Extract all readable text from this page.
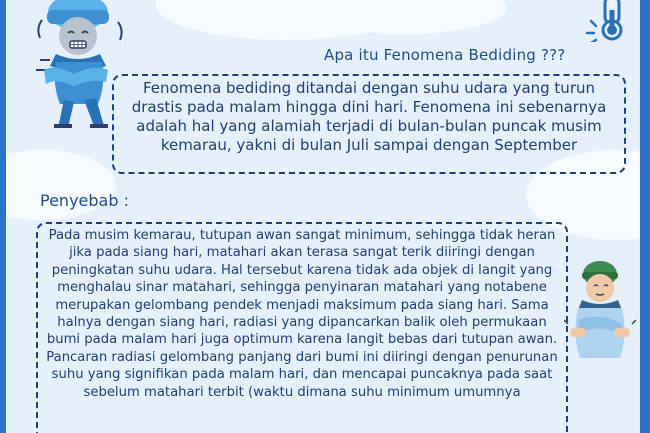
Apa itu Fenomena Bediding ???
Fenomena bediding ditandai dengan suhu udara yang turun drastis pada malam hingga dini hari. Fenomena ini sebenarnya adalah hal yang alamiah terjadi di bulan-bulan puncak musim kemarau, yakni di bulan Juli sampai dengan September
Penyebab :
Pada musim kemarau, tutupan awan sangat minimum, sehingga tidak heran jika pada siang hari, matahari akan terasa sangat terik diiringi dengan peningkatan suhu udara. Hal tersebut karena tidak ada objek di langit yang menghalau sinar matahari, sehingga penyinaran matahari yang notabene merupakan gelombang pendek menjadi maksimum pada siang hari. Sama halnya dengan siang hari, radiasi yang dipancarkan balik oleh permukaan bumi pada malam hari juga optimum karena langit bebas dari tutupan awan. Pancaran radiasi gelombang panjang dari bumi ini diiringi dengan penurunan suhu yang signifikan pada malam hari, dan mencapai puncaknya pada saat sebelum matahari terbit (waktu dimana suhu minimum umumnya
